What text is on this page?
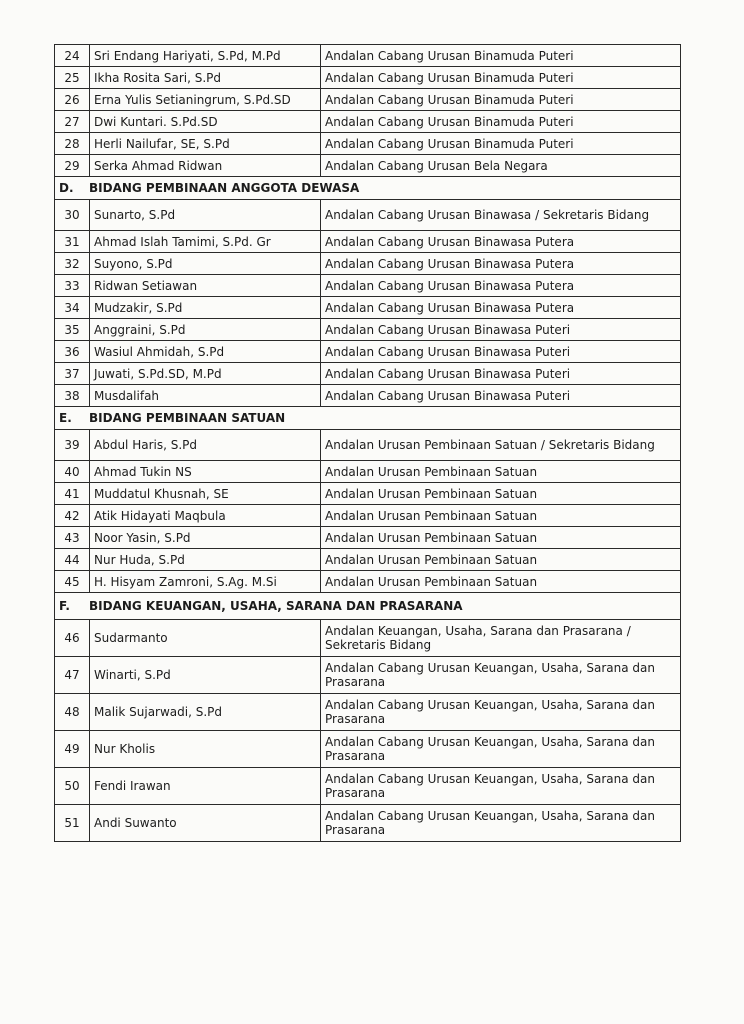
24	Sri Endang Hariyati, S.Pd, M.Pd	Andalan Cabang Urusan Binamuda Puteri
25	Ikha Rosita Sari, S.Pd	Andalan Cabang Urusan Binamuda Puteri
26	Erna Yulis Setianingrum, S.Pd.SD	Andalan Cabang Urusan Binamuda Puteri
27	Dwi Kuntari. S.Pd.SD	Andalan Cabang Urusan Binamuda Puteri
28	Herli Nailufar, SE, S.Pd	Andalan Cabang Urusan Binamuda Puteri
29	Serka Ahmad Ridwan	Andalan Cabang Urusan Bela Negara
D. BIDANG PEMBINAAN ANGGOTA DEWASA		
30	Sunarto, S.Pd	Andalan Cabang Urusan Binawasa / Sekretaris Bidang
31	Ahmad Islah Tamimi, S.Pd. Gr	Andalan Cabang Urusan Binawasa Putera
32	Suyono, S.Pd	Andalan Cabang Urusan Binawasa Putera
33	Ridwan Setiawan	Andalan Cabang Urusan Binawasa Putera
34	Mudzakir, S.Pd	Andalan Cabang Urusan Binawasa Putera
35	Anggraini, S.Pd	Andalan Cabang Urusan Binawasa Puteri
36	Wasiul Ahmidah, S.Pd	Andalan Cabang Urusan Binawasa Puteri
37	Juwati, S.Pd.SD, M.Pd	Andalan Cabang Urusan Binawasa Puteri
38	Musdalifah	Andalan Cabang Urusan Binawasa Puteri
E. BIDANG PEMBINAAN SATUAN		
39	Abdul Haris, S.Pd	Andalan Urusan Pembinaan Satuan / Sekretaris Bidang
40	Ahmad Tukin NS	Andalan Urusan Pembinaan Satuan
41	Muddatul Khusnah, SE	Andalan Urusan Pembinaan Satuan
42	Atik Hidayati Maqbula	Andalan Urusan Pembinaan Satuan
43	Noor Yasin, S.Pd	Andalan Urusan Pembinaan Satuan
44	Nur Huda, S.Pd	Andalan Urusan Pembinaan Satuan
45	H. Hisyam Zamroni, S.Ag. M.Si	Andalan Urusan Pembinaan Satuan
F. BIDANG KEUANGAN, USAHA, SARANA DAN PRASARANA		
46	Sudarmanto	Andalan Keuangan, Usaha, Sarana dan Prasarana / Sekretaris Bidang
47	Winarti, S.Pd	Andalan Cabang Urusan Keuangan, Usaha, Sarana dan Prasarana
48	Malik Sujarwadi, S.Pd	Andalan Cabang Urusan Keuangan, Usaha, Sarana dan Prasarana
49	Nur Kholis	Andalan Cabang Urusan Keuangan, Usaha, Sarana dan Prasarana
50	Fendi Irawan	Andalan Cabang Urusan Keuangan, Usaha, Sarana dan Prasarana
51	Andi Suwanto	Andalan Cabang Urusan Keuangan, Usaha, Sarana dan Prasarana
